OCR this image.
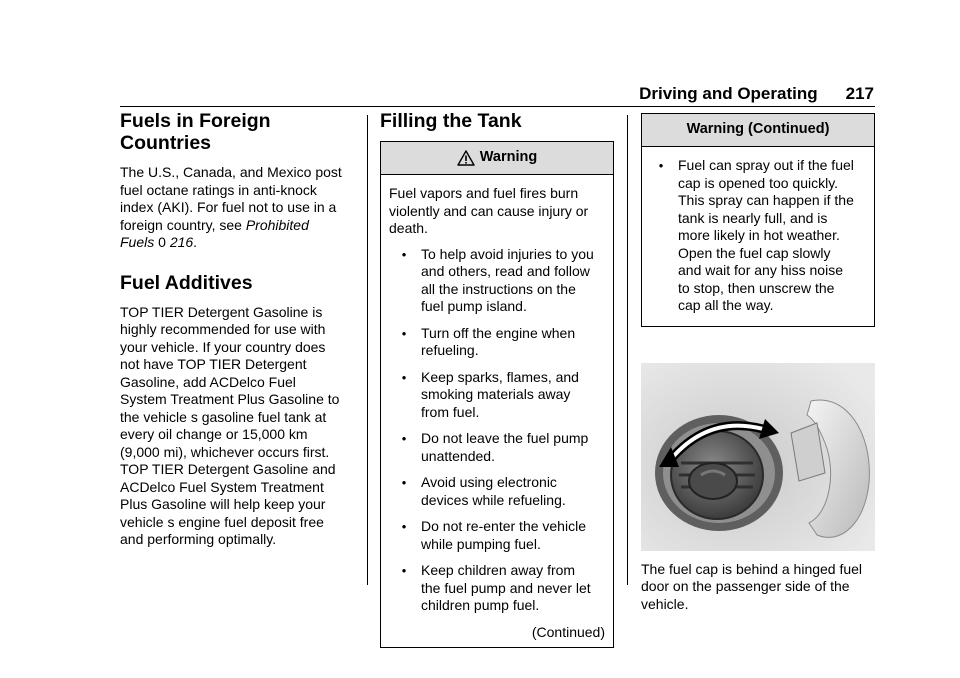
Driving and Operating 217
Fuels in Foreign
Countries

The U.S., Canada, and Mexico post

fuel octane ratings in anti-knock

index (AKI). For fuel not to use in a

foreign country, see Prohibited

Fuels 0 216.

Fuel Additives

TOP TIER Detergent Gasoline is

highly recommended for use with

your vehicle. If your country does

not have TOP TIER Detergent

Gasoline, add ACDelco Fuel

System Treatment Plus Gasoline to

the vehicle s gasoline fuel tank at

every oil change or 15,000 km

(9,000 mi), whichever occurs first.

TOP TIER Detergent Gasoline and

ACDelco Fuel System Treatment

Plus Gasoline will help keep your

vehicle s engine fuel deposit free

and performing optimally.

Filling the Tank
Warning

Fuel vapors and fuel fires burn

violently and can cause injury or

death.

•

To help avoid injuries to you

and others, read and follow

all the instructions on the

fuel pump island.

•

Turn off the engine when

refueling.

•

Keep sparks, flames, and

smoking materials away

from fuel.

•

Do not leave the fuel pump

unattended.

•

Avoid using electronic

devices while refueling.

•

Do not re-enter the vehicle

while pumping fuel.

•

Keep children away from

the fuel pump and never let

children pump fuel.

(Continued)

Warning (Continued)
•

Fuel can spray out if the fuel

cap is opened too quickly.

This spray can happen if the

tank is nearly full, and is

more likely in hot weather.

Open the fuel cap slowly

and wait for any hiss noise

to stop, then unscrew the

cap all the way.

The fuel cap is behind a hinged fuel

door on the passenger side of the

vehicle.
